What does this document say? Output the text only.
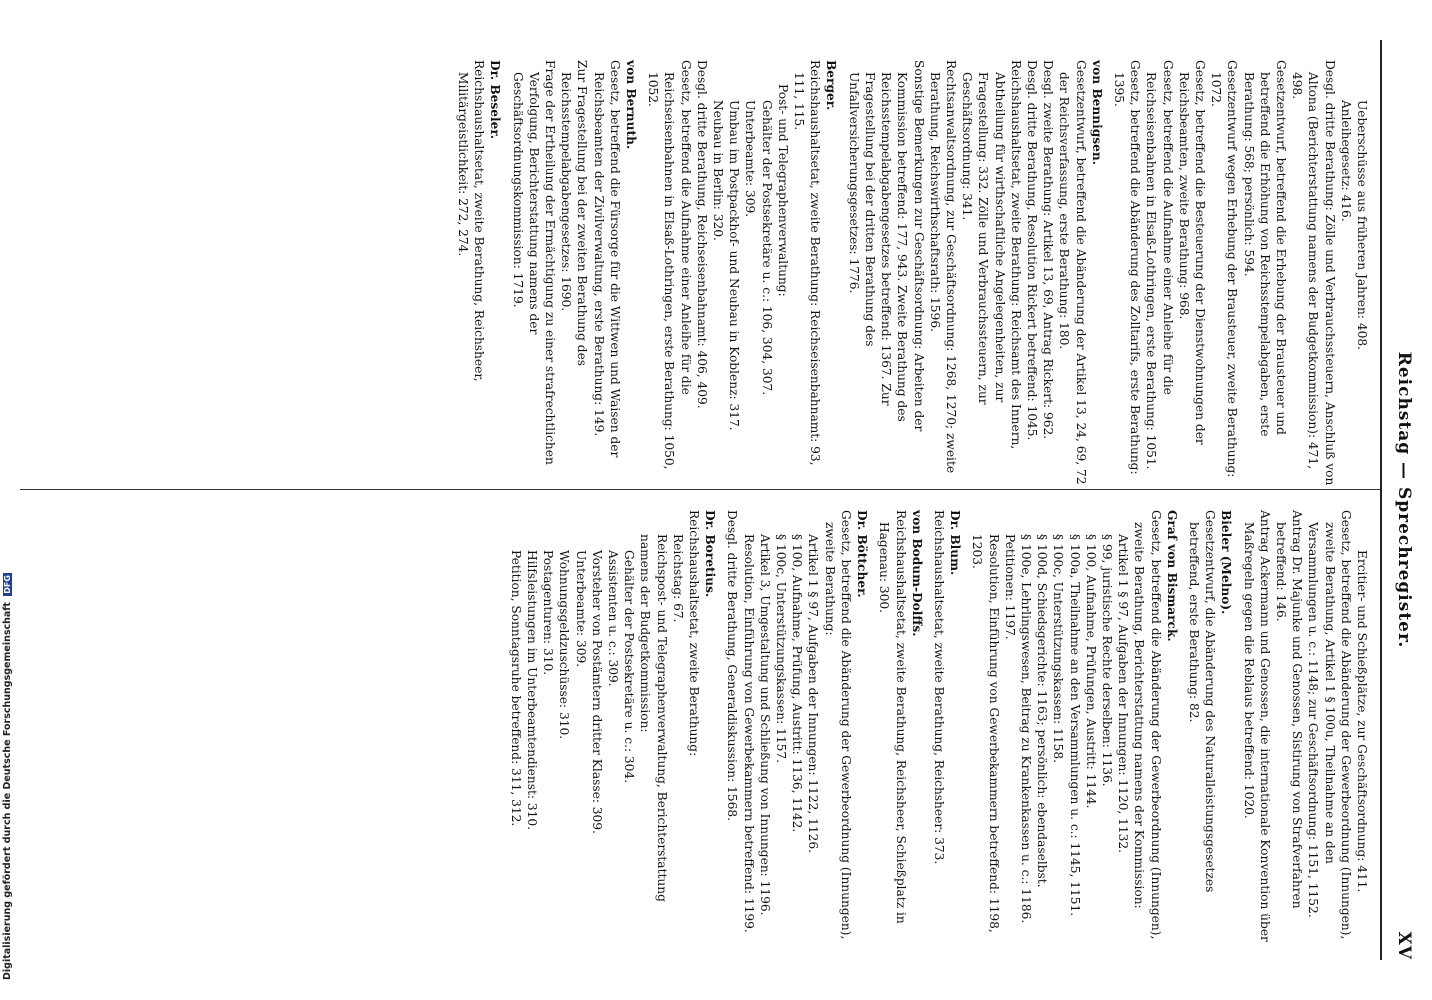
Reichstag — Sprechregister.
XV
Ueberschüsse aus früheren Jahren: 408.
Anleihegesetz: 416.
Desgl. dritte Berathung: Zölle und Verbrauchssteuern, Anschluß von Altona (Berichterstattung namens der Budgetkommission): 471, 498.
Gesetzentwurf, betreffend die Erhebung der Brausteuer und betreffend die Erhöhung von Reichsstempelabgaben, erste Berathung: 568; persönlich: 594.
Gesetzentwurf wegen Erhebung der Brausteuer, zweite Berathung: 1072.
Gesetz, betreffend die Besteuerung der Dienstwohnungen der Reichsbeamten, zweite Berathung: 968.
Gesetz, betreffend die Aufnahme einer Anleihe für die Reichseisenbahnen in Elsaß-Lothringen, erste Berathung: 1051.
Gesetz, betreffend die Abänderung des Zolltarifs, erste Berathung: 1395.
von Bennigsen.
Gesetzentwurf, betreffend die Abänderung der Artikel 13, 24, 69, 72 der Reichsverfassung, erste Berathung: 180.
Desgl. zweite Berathung: Artikel 13, 69, Antrag Rickert: 962.
Desgl. dritte Berathung, Resolution Rickert betreffend: 1045.
Reichshaushaltsetat, zweite Berathung: Reichsamt des Innern, Abtheilung für wirthschaftliche Angelegenheiten, zur Fragestellung: 332. Zölle und Verbrauchssteuern, zur Geschäftsordnung: 341.
Rechtsanwaltsordnung, zur Geschäftsordnung: 1268, 1270; zweite Berathung, Reichswirthschaftsrath: 1596.
Sonstige Bemerkungen zur Geschäftsordnung: Arbeiten der Kommission betreffend: 177, 943. Zweite Berathung des Reichsstempelabgabengesetzes betreffend: 1367. Zur Fragestellung bei der dritten Berathung des Unfallversicherungsgesetzes: 1776.
Berger.
Reichshaushaltsetat, zweite Berathung: Reichseisenbahnamt: 93, 111, 115.
Post- und Telegraphenverwaltung:
Gehälter der Postsekretäre u. c.: 106, 304, 307.
Unterbeamte: 309.
Umbau im Postpackhof- und Neubau in Koblenz: 317.
Neubau in Berlin: 320.
Desgl. dritte Berathung, Reichseisenbahnamt: 406, 409.
Gesetz, betreffend die Aufnahme einer Anleihe für die Reichseisenbahnen in Elsaß-Lothringen, erste Berathung: 1050, 1052.
von Bernuth.
Gesetz, betreffend die Fürsorge für die Wittwen und Waisen der Reichsbeamten der Zivilverwaltung, erste Berathung: 149.
Zur Fragestellung bei der zweiten Berathung des Reichsstempelabgabengesetzes: 1690.
Frage der Ertheilung der Ermächtigung zu einer strafrechtlichen Verfolgung, Berichterstattung namens der Geschäftsordnungskommission: 1719.
Dr. Beseler.
Reichshaushaltsetat, zweite Berathung, Reichsheer, Militärgeistlichkeit: 272, 274.
Ercitier- und Schießplätze, zur Geschäftsordnung: 411.
Gesetz, betreffend die Abänderung der Gewerbeordnung (Innungen), zweite Berathung, Artikel 1 § 100u, Theilnahme an den Versammlungen u. c.: 1148; zur Geschäftsordnung: 1151, 1152.
Antrag Dr. Majunke und Genossen, Sistirung von Strafverfahren betreffend: 146.
Antrag Ackermann und Genossen, die internationale Konvention über Maßregeln gegen die Reblaus betreffend: 1020.
Bieler (Melno).
Gesetzentwurf, die Abänderung des Naturalleistungsgesetzes betreffend, erste Berathung: 82.
Graf von Bismarck.
Gesetz, betreffend die Abänderung der Gewerbeordnung (Innungen), zweite Berathung, Berichterstattung namens der Kommission:
Artikel 1 § 97, Aufgaben der Innungen: 1120, 1132.
§ 99, juristische Rechte derselben: 1136.
§ 100, Aufnahme, Prüfungen, Austritt: 1144.
§ 100a, Theilnahme an den Versammlungen u. c.: 1145, 1151.
§ 100c, Unterstützungskassen: 1158.
§ 100d, Schiedsgerichte: 1163; persönlich: ebendaselbst.
§ 100e, Lehrlingswesen, Beitrag zu Krankenkassen u. c.: 1186.
Petitionen: 1197.
Resolution, Einführung von Gewerbekammern betreffend: 1198, 1203.
Dr. Blum.
Reichshaushaltsetat, zweite Berathung, Reichsheer: 373.
von Bodum-Dolffs.
Reichshaushaltsetat, zweite Berathung, Reichsheer, Schießplatz in Hagenau: 300.
Dr. Böttcher.
Gesetz, betreffend die Abänderung der Gewerbeordnung (Innungen), zweite Berathung:
Artikel 1 § 97, Aufgaben der Innungen: 1122, 1126.
§ 100, Aufnahme, Prüfung, Austritt: 1136, 1142.
§ 100c, Unterstützungskassen: 1157.
Artikel 3, Umgestaltung und Schließung von Innungen: 1196.
Resolution, Einführung von Gewerbekammern betreffend: 1199.
Desgl. dritte Berathung, Generaldiskussion: 1568.
Dr. Boretius.
Reichshaushaltsetat, zweite Berathung:
Reichstag: 67.
Reichspost- und Telegraphenverwaltung, Berichterstattung namens der Budgetkommission:
Gehälter der Postsekretäre u. c.: 304.
Assistenten u. c.: 309.
Vorsteher von Postämtern dritter Klasse: 309.
Unterbeamte: 309.
Wohnungsgeldzuschüsse: 310.
Postagenturen: 310.
Hilfsleistungen im Unterbeamtendienst: 310.
Petition, Sonntagsruhe betreffend: 311, 312.
Digitalisierung gefördert durch die Deutsche Forschungsgemeinschaft DFG
